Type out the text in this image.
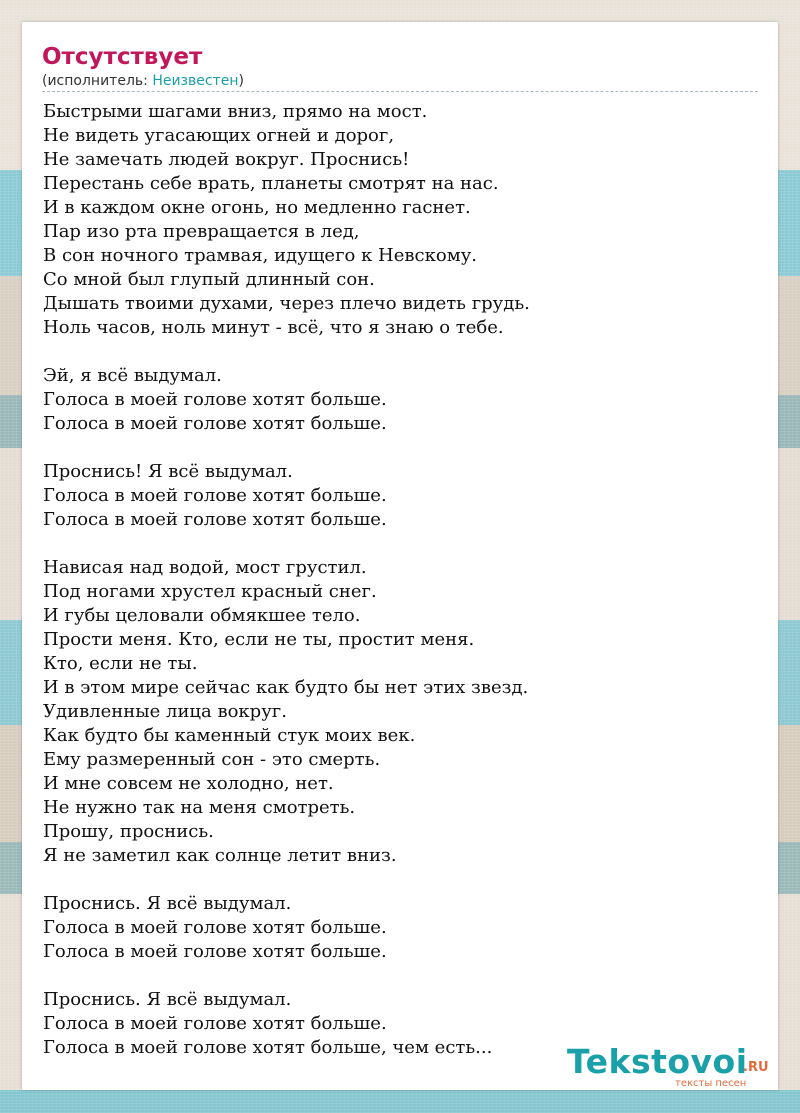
Отсутствует
(исполнитель: Неизвестен)
Быстрыми шагами вниз, прямо на мост.
Не видеть угасающих огней и дорог,
Не замечать людей вокруг. Проснись!
Перестань себе врать, планеты смотрят на нас.
И в каждом окне огонь, но медленно гаснет.
Пар изо рта превращается в лед,
В сон ночного трамвая, идущего к Невскому.
Со мной был глупый длинный сон.
Дышать твоими духами, через плечо видеть грудь.
Ноль часов, ноль минут - всё, что я знаю о тебе.
Эй, я всё выдумал.
Голоса в моей голове хотят больше.
Голоса в моей голове хотят больше.
Проснись! Я всё выдумал.
Голоса в моей голове хотят больше.
Голоса в моей голове хотят больше.
Нависая над водой, мост грустил.
Под ногами хрустел красный снег.
И губы целовали обмякшее тело.
Прости меня. Кто, если не ты, простит меня.
Кто, если не ты.
И в этом мире сейчас как будто бы нет этих звезд.
Удивленные лица вокруг.
Как будто бы каменный стук моих век.
Ему размеренный сон - это смерть.
И мне совсем не холодно, нет.
Не нужно так на меня смотреть.
Прошу, проснись.
Я не заметил как солнце летит вниз.
Проснись. Я всё выдумал.
Голоса в моей голове хотят больше.
Голоса в моей голове хотят больше.
Проснись. Я всё выдумал.
Голоса в моей голове хотят больше.
Голоса в моей голове хотят больше, чем есть...	Tekstovoi
.RU
тексты песен
